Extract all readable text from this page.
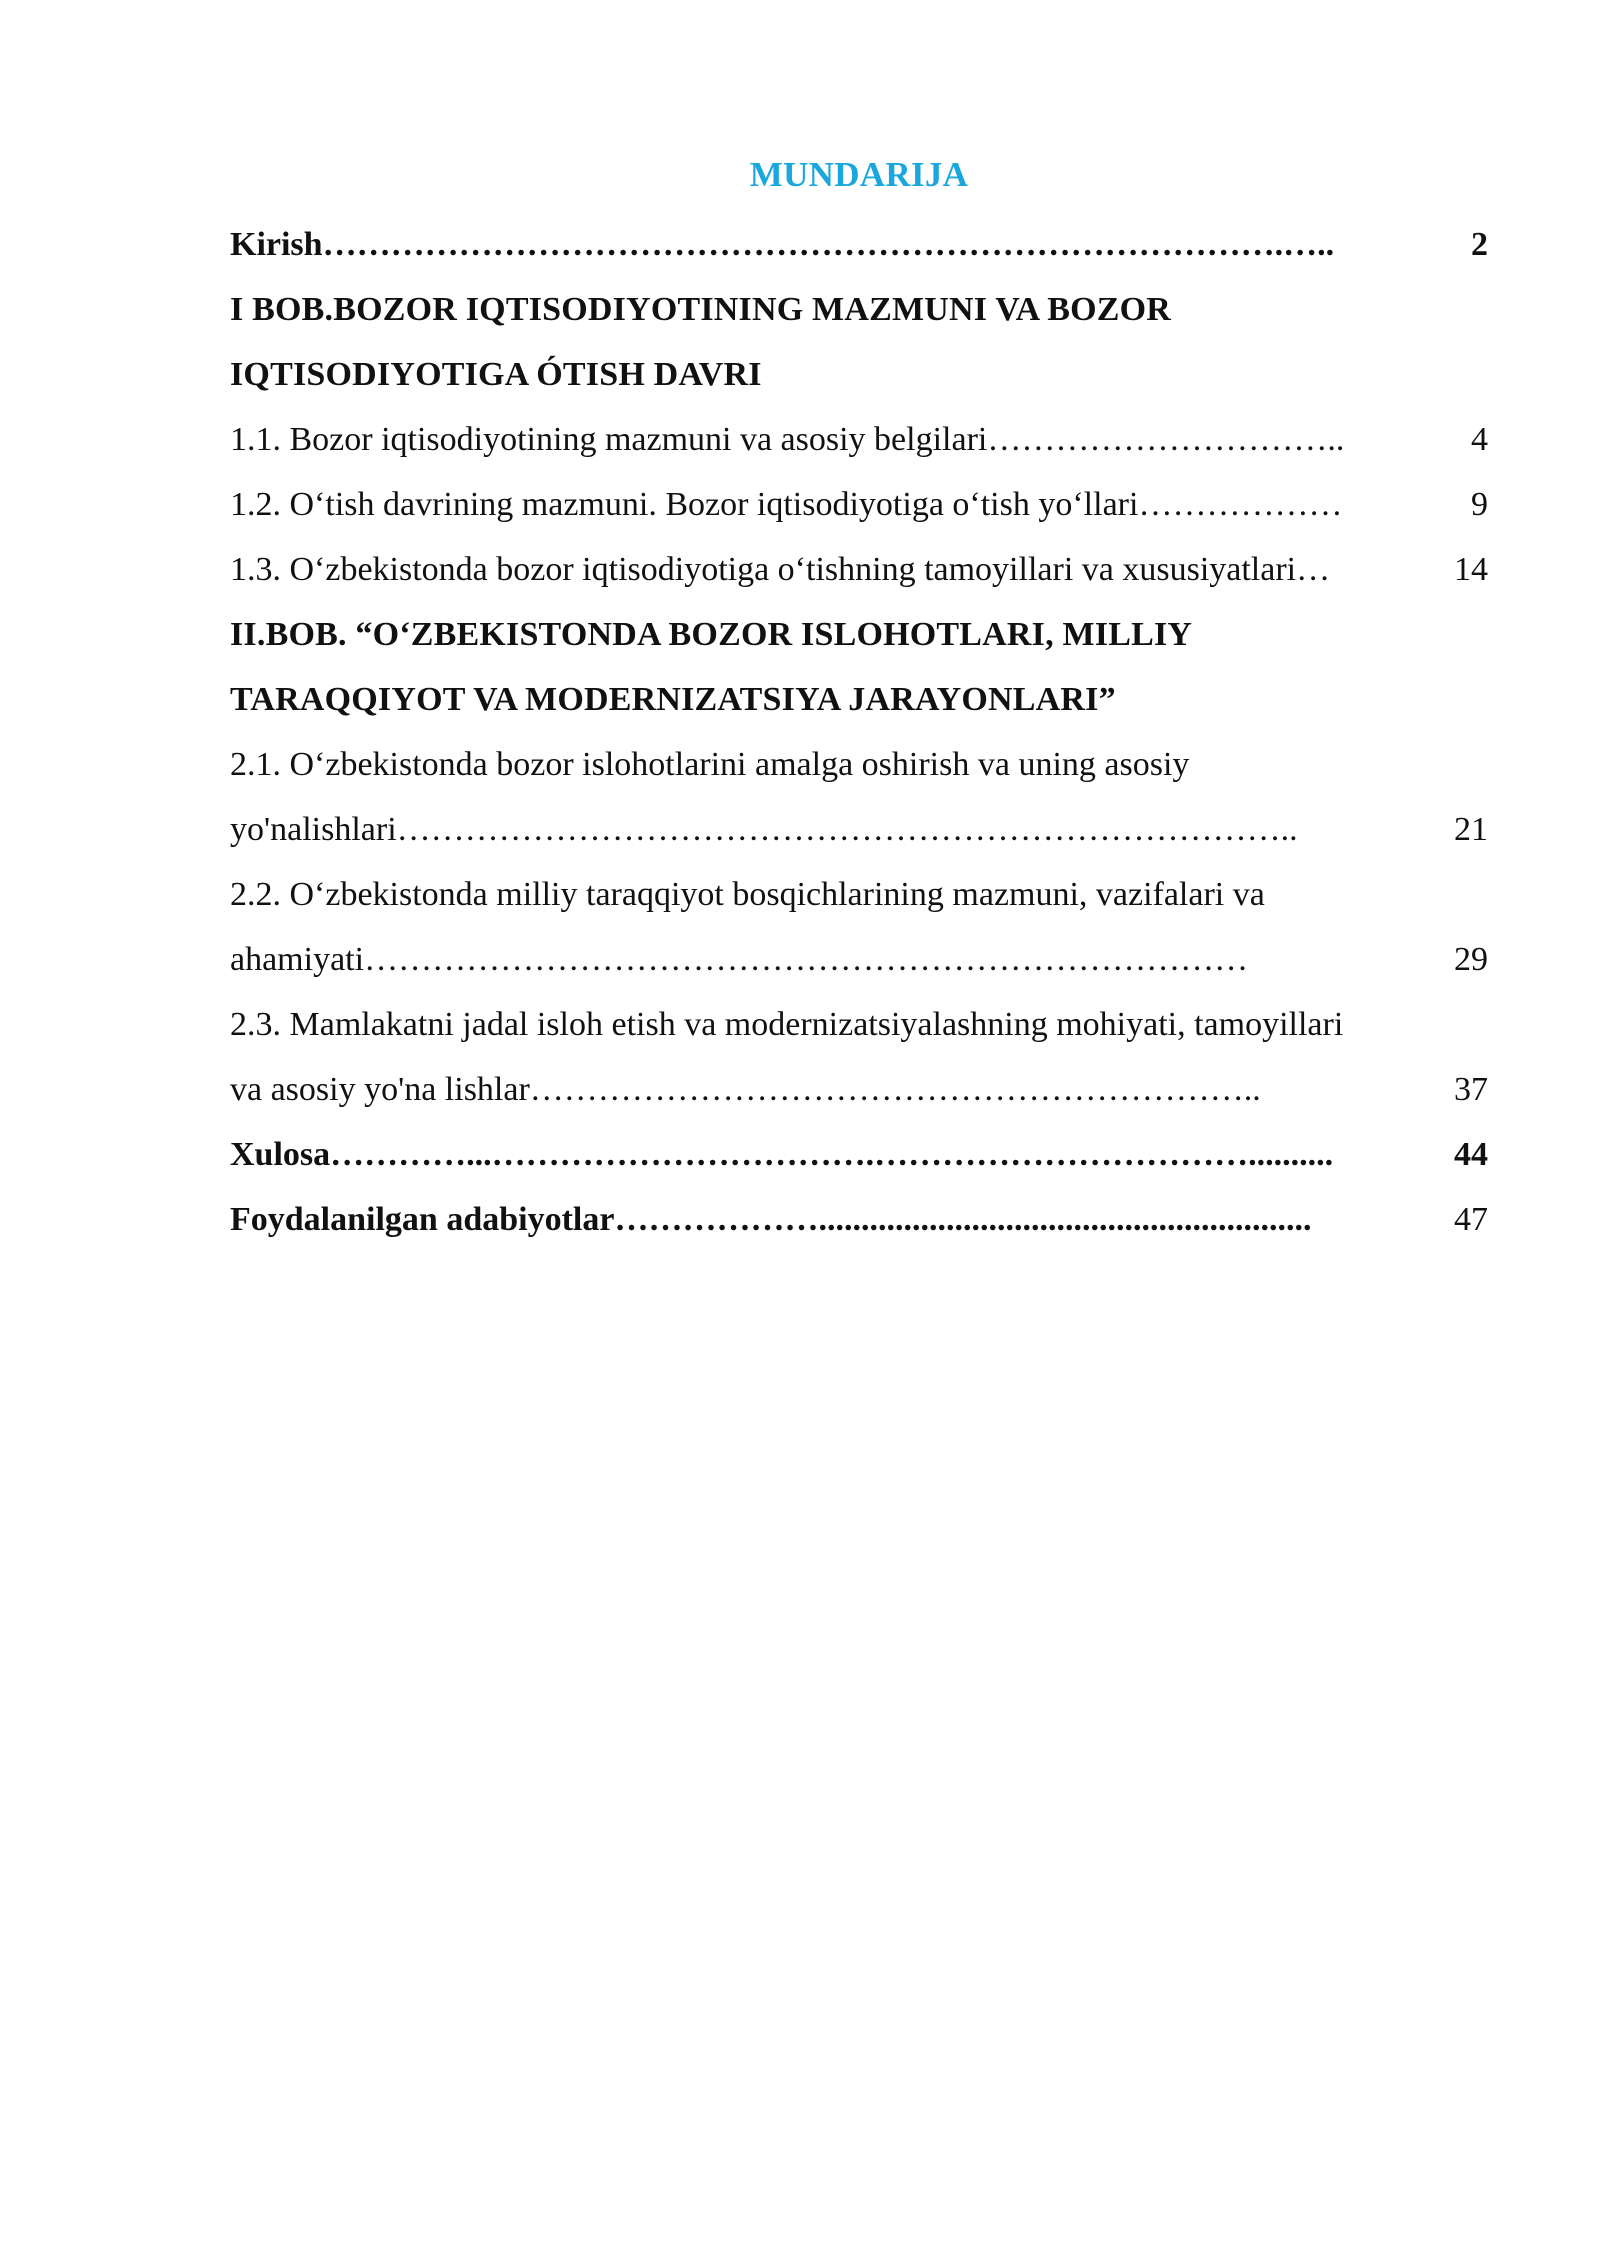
MUNDARIJA
Kirish ………………………………………………………………………….…..	2
I BOB.BOZOR IQTISODIYOTINING MAZMUNI VA BOZOR
IQTISODIYOTIGA ÓTISH DAVRI
1.1. Bozor iqtisodiyotining mazmuni va asosiy belgilari …………………………..	4
1.2. O‘tish davrining mazmuni. Bozor iqtisodiyotiga o‘tish yo‘llari ………………	9
1.3. O‘zbekistonda bozor iqtisodiyotiga o‘tishning tamoyillari va xususiyatlari …	14
II.BOB. “O‘ZBEKISTONDA BOZOR ISLOHOTLARI, MILLIY
TARAQQIYOT VA MODERNIZATSIYA JARAYONLARI”
2.1. O‘zbekistonda bozor islohotlarini amalga oshirish va uning asosiy
yo'nalishlari ……………………………………………………………………..	21
2.2. O‘zbekistonda milliy taraqqiyot bosqichlarining mazmuni, vazifalari va
ahamiyati ……………………………………………………………………	29
2.3. Mamlakatni jadal isloh etish va modernizatsiyalashning mohiyati, tamoyillari
va asosiy yo'na lishlar ………………………………………………………..	37
Xulosa …………...…………………………….……………………………..........	44
Foydalanilgan adabiyotlar ………………..........................................................	47
